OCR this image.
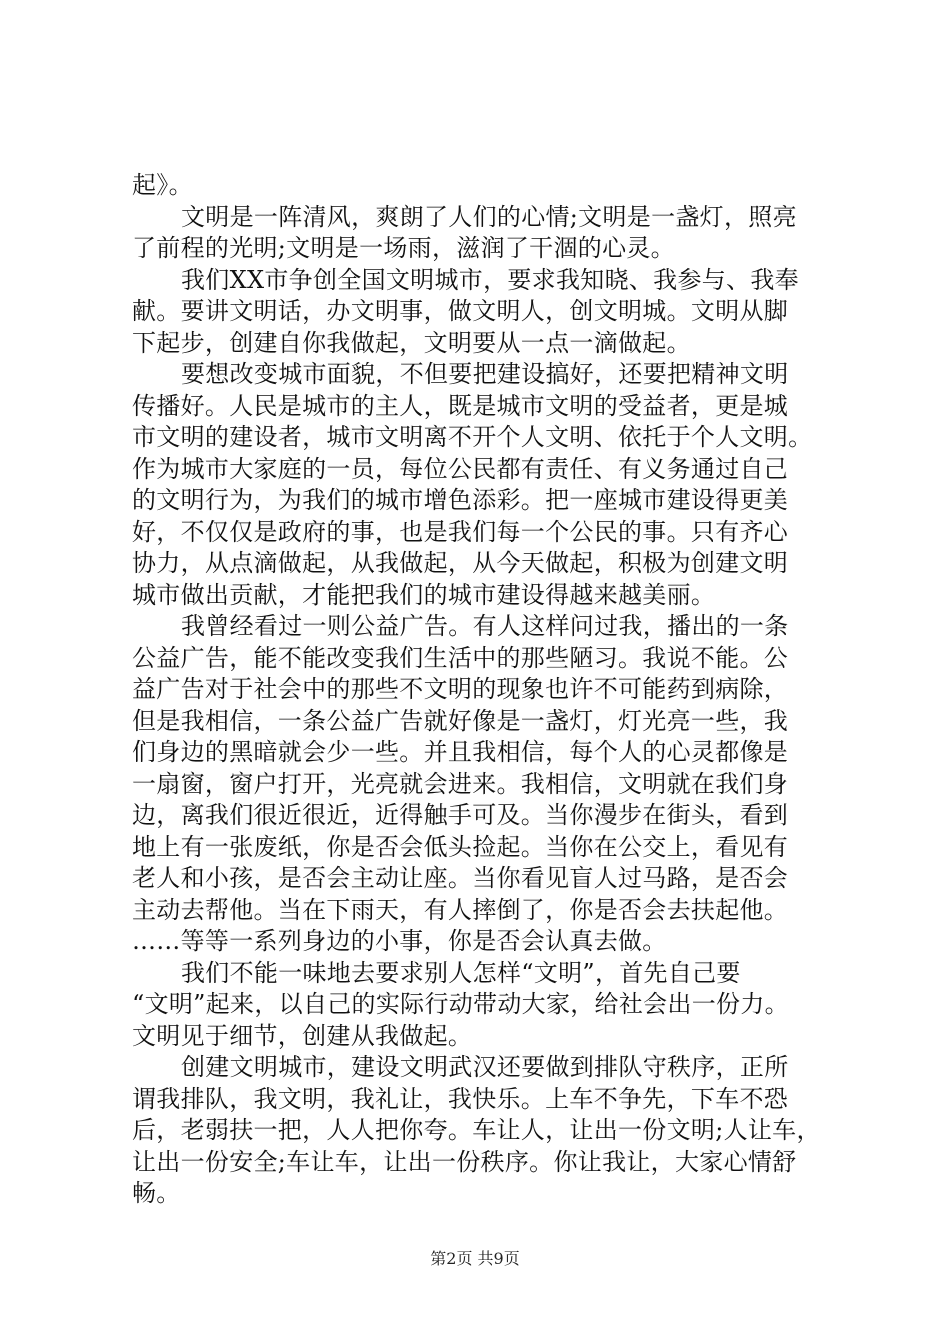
起》。
文明是一阵清风，爽朗了人们的心情;文明是一盏灯，照亮
了前程的光明;文明是一场雨，滋润了干涸的心灵。
我们XX市争创全国文明城市，要求我知晓、我参与、我奉
献。要讲文明话，办文明事，做文明人，创文明城。文明从脚
下起步，创建自你我做起，文明要从一点一滴做起。
要想改变城市面貌，不但要把建设搞好，还要把精神文明
传播好。人民是城市的主人，既是城市文明的受益者，更是城
市文明的建设者，城市文明离不开个人文明、依托于个人文明。
作为城市大家庭的一员，每位公民都有责任、有义务通过自己
的文明行为，为我们的城市增色添彩。把一座城市建设得更美
好，不仅仅是政府的事，也是我们每一个公民的事。只有齐心
协力，从点滴做起，从我做起，从今天做起，积极为创建文明
城市做出贡献，才能把我们的城市建设得越来越美丽。
我曾经看过一则公益广告。有人这样问过我，播出的一条
公益广告，能不能改变我们生活中的那些陋习。我说不能。公
益广告对于社会中的那些不文明的现象也许不可能药到病除，
但是我相信，一条公益广告就好像是一盏灯，灯光亮一些，我
们身边的黑暗就会少一些。并且我相信，每个人的心灵都像是
一扇窗，窗户打开，光亮就会进来。我相信，文明就在我们身
边，离我们很近很近，近得触手可及。当你漫步在街头，看到
地上有一张废纸，你是否会低头捡起。当你在公交上，看见有
老人和小孩，是否会主动让座。当你看见盲人过马路，是否会
主动去帮他。当在下雨天，有人摔倒了，你是否会去扶起他。
……等等一系列身边的小事，你是否会认真去做。
我们不能一味地去要求别人怎样“文明”，首先自己要
“文明”起来，以自己的实际行动带动大家，给社会出一份力。
文明见于细节，创建从我做起。
创建文明城市，建设文明武汉还要做到排队守秩序，正所
谓我排队，我文明，我礼让，我快乐。上车不争先，下车不恐
后，老弱扶一把，人人把你夸。车让人，让出一份文明;人让车，
让出一份安全;车让车，让出一份秩序。你让我让，大家心情舒
畅。
第2页 共9页
